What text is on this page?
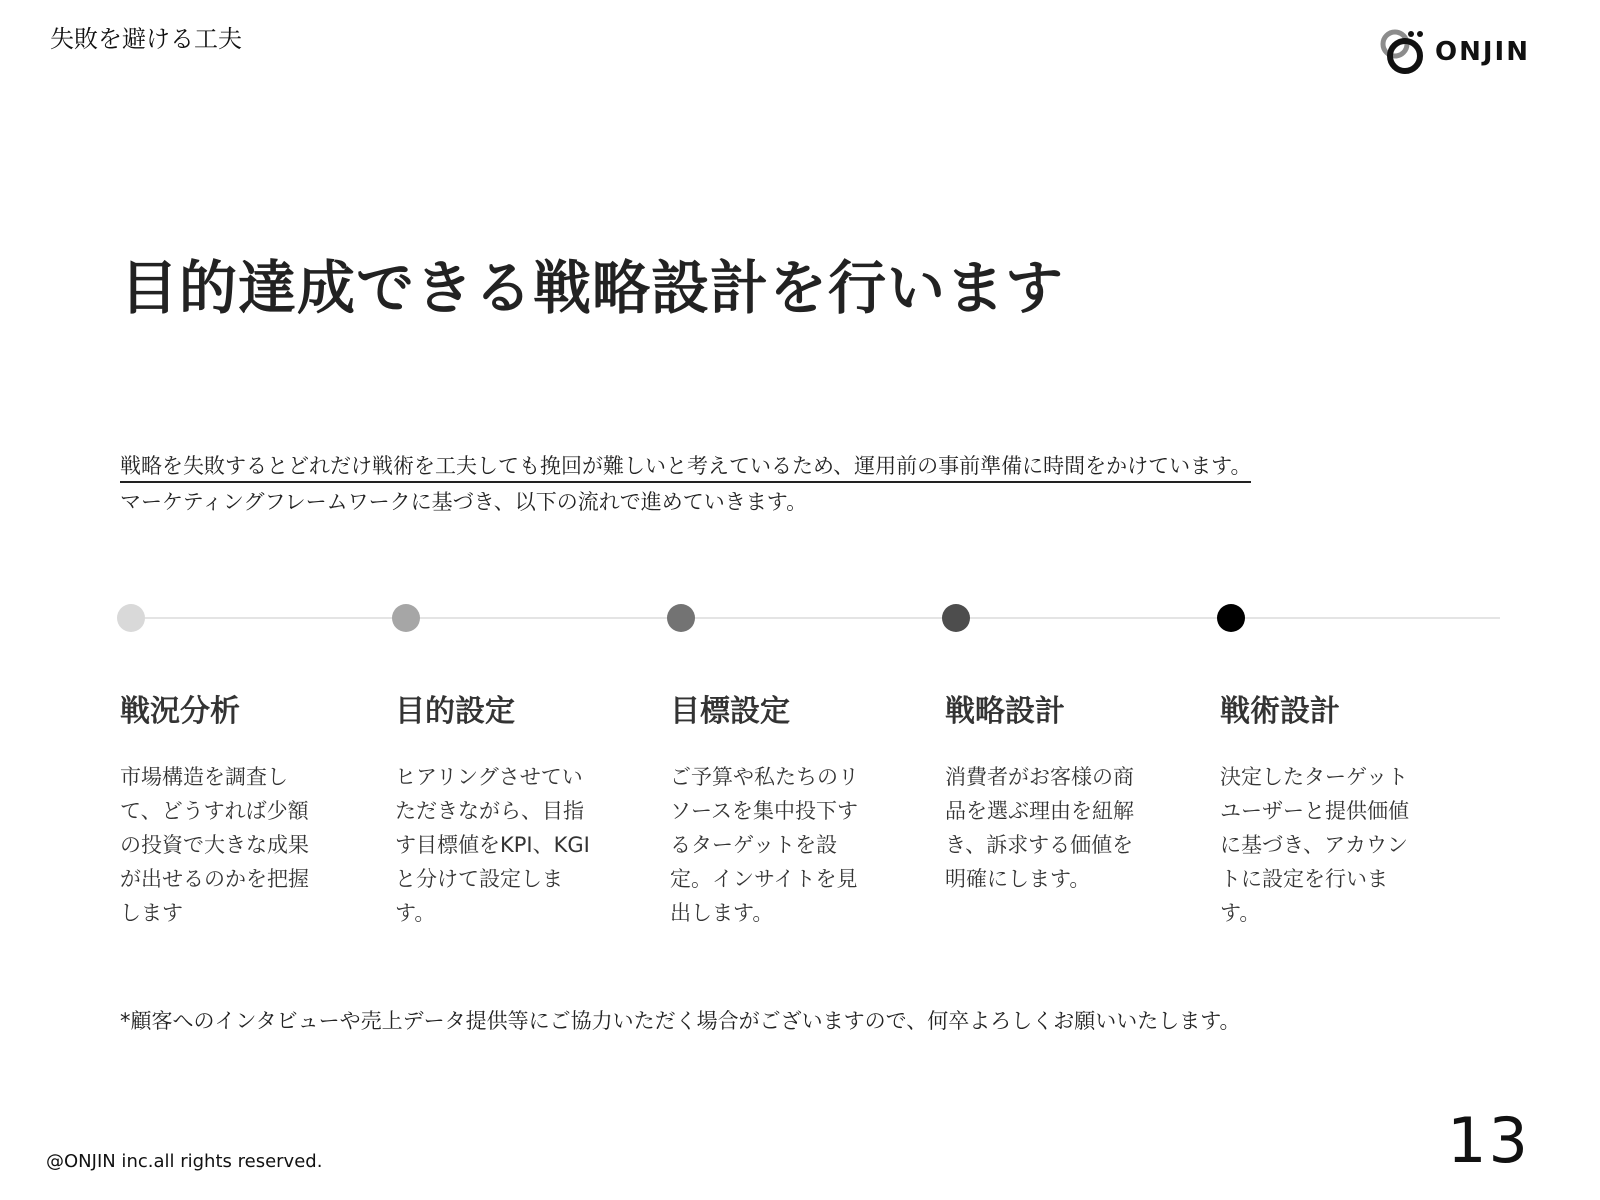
失敗を避ける工夫	ONJIN
目的達成できる戦略設計を行います

戦略を失敗するとどれだけ戦術を工夫しても挽回が難しいと考えているため、運用前の事前準備に時間をかけています。

マーケティングフレームワークに基づき、以下の流れで進めていきます。

戦況分析

市場構造を調査して、どうすれば少額の投資で大きな成果が出せるのかを把握します

目的設定

ヒアリングさせていただきながら、目指す目標値をKPI、KGIと分けて設定します。

目標設定

ご予算や私たちのリソースを集中投下するターゲットを設定。インサイトを見出します。

戦略設計

消費者がお客様の商品を選ぶ理由を紐解き、訴求する価値を明確にします。

戦術設計

決定したターゲットユーザーと提供価値に基づき、アカウントに設定を行います。

*顧客へのインタビューや売上データ提供等にご協力いただく場合がございますので、何卒よろしくお願いいたします。
@ONJIN inc.all rights reserved.	13
